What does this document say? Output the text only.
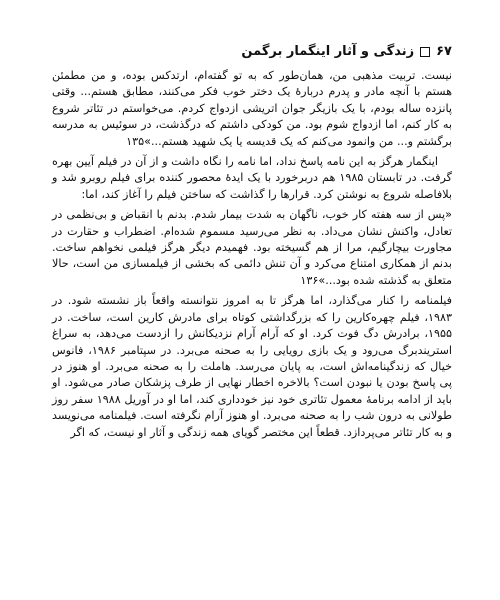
۶۷
زندگی و آثار اینگمار برگمن

نیست. تربیت مذهبی من، همان‌طور که به تو گفته‌ام، ارتدکس بوده، و من مطمئن هستم با آنچه مادر و پدرم دربارهٔ یک دختر خوب فکر می‌کنند، مطابق هستم... وقتی پانزده ساله بودم، با یک بازیگر جوان اتریشی ازدواج کردم. می‌خواستم در تئاتر شروع به کار کنم، اما ازدواج شوم بود. من کودکی داشتم که درگذشت، در سوئیس به مدرسه برگشتم و... من وانمود می‌کنم که یک قدیسه یا یک شهید هستم...»۱۳۵

اینگمار هرگز به این نامه پاسخ نداد، اما نامه را نگاه داشت و از آن در فیلم آیین بهره گرفت. در تابستان ۱۹۸۵ هم دربرخورد با یک ایدهٔ محصور کننده برای فیلم روبرو شد و بلافاصله شروع به نوشتن کرد. قرارها را گذاشت که ساختن فیلم را آغاز کند، اما:

«پس از سه هفته کار خوب، ناگهان به شدت بیمار شدم. بدنم با انقباض و بی‌نظمی در تعادل، واکنش نشان می‌داد. به نظر می‌رسید مسموم شده‌ام. اضطراب و حقارت در مجاورت بیچارگیم، مرا از هم گسیخته بود. فهمیدم دیگر هرگز فیلمی نخواهم ساخت. بدنم از همکاری امتناع می‌کرد و آن تنش دائمی که بخشی از فیلمسازی من است، حالا متعلق به گذشته شده بود...»۱۳۶

فیلمنامه را کنار می‌گذارد، اما هرگز تا به امروز نتوانسته واقعاً باز نشسته شود. در ۱۹۸۳، فیلم چهره‌کارین را که بزرگداشتی کوتاه برای مادرش کارین است، ساخت. در ۱۹۵۵، برادرش دگ فوت کرد. او که آرام آرام نزدیکانش را ازدست می‌دهد، به سراغ استریندبرگ می‌رود و یک بازی رویایی را به صحنه می‌برد. در سپتامبر ۱۹۸۶، فانوس خیال که زندگینامه‌اش است، به پایان می‌رسد. هاملت را به صحنه می‌برد. او هنوز در پی پاسخ بودن یا نبودن است؟ بالاخره اخطار نهایی از طرف پزشکان صادر می‌شود. او باید از ادامه برنامهٔ معمول تئاتری خود نیز خودداری کند، اما او در آوریل ۱۹۸۸ سفر روز طولانی به درون شب را به صحنه می‌برد. او هنوز آرام نگرفته است. فیلمنامه می‌نویسد و به کار تئاتر می‌پردازد. قطعاً این مختصر گویای همه زندگی و آثار او نیست، که اگر
